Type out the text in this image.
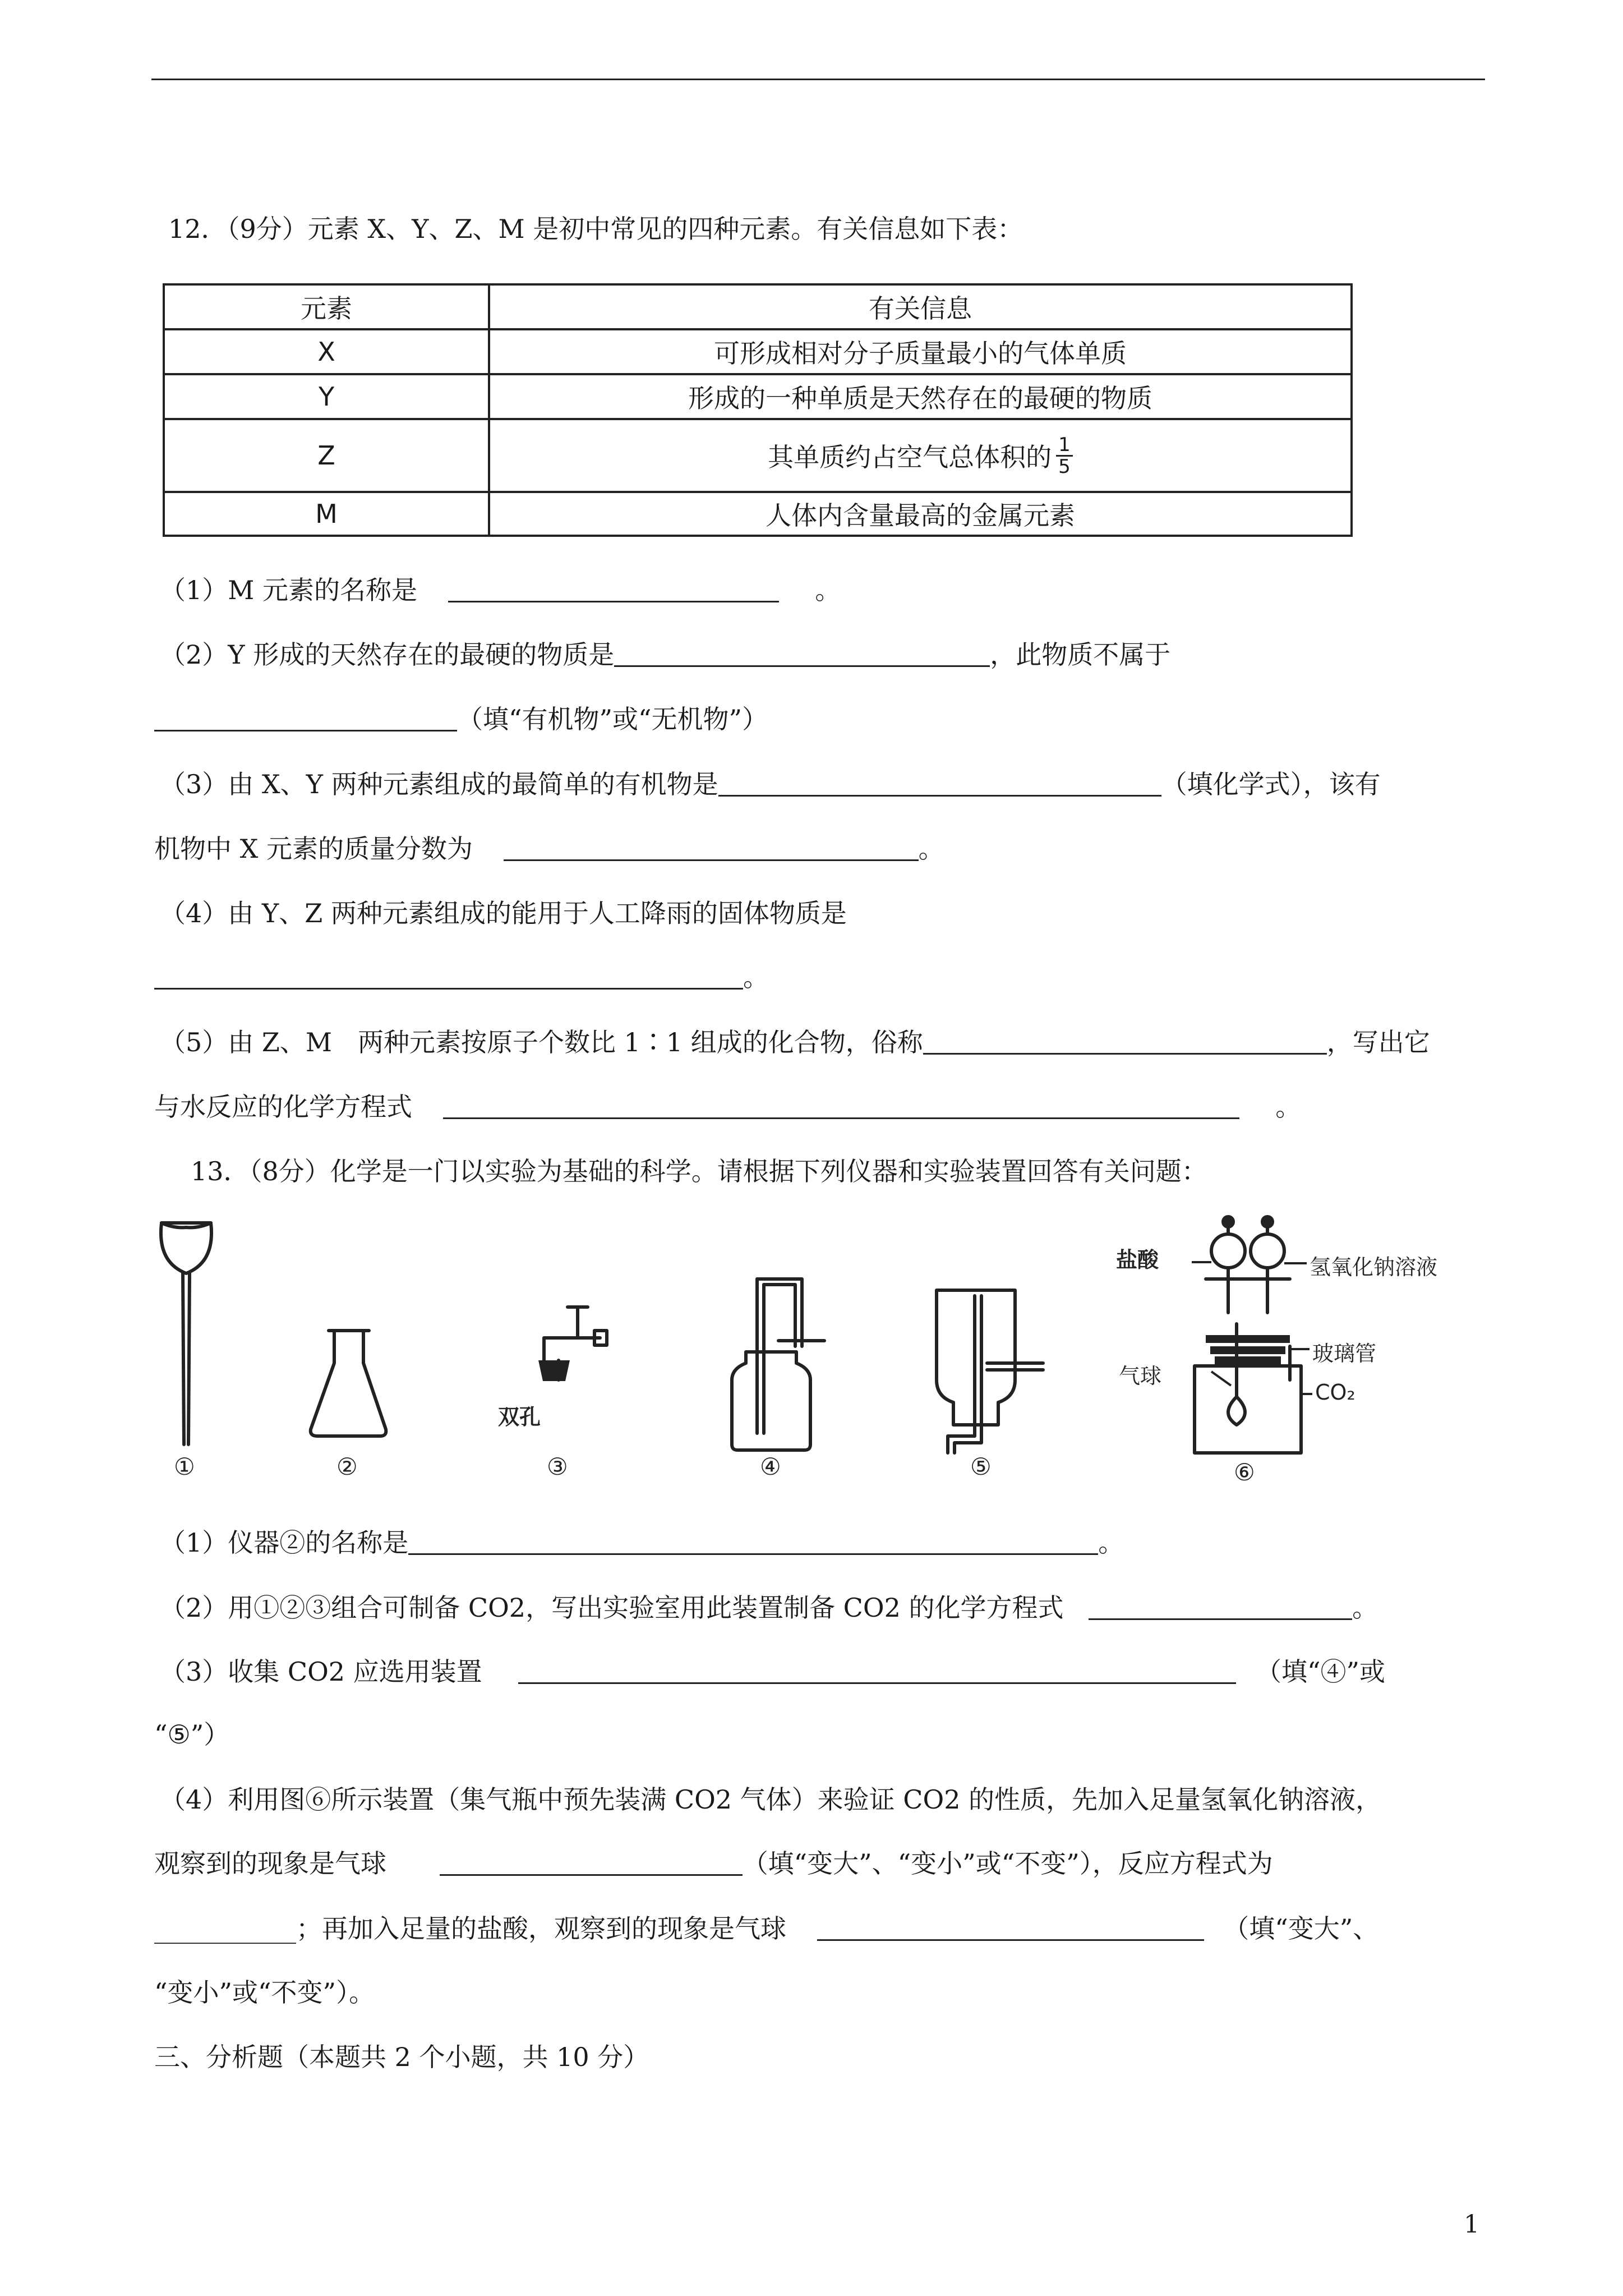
12．（9分）元素 X、Y、Z、M 是初中常见的四种元素。有关信息如下表：
元素	有关信息
X	可形成相对分子质量最小的气体单质
Y	形成的一种单质是天然存在的最硬的物质
Z	其单质约占空气总体积的 $\frac{1}{5}$
M	人体内含量最高的金属元素
（1）M 元素的名称是	。
（2）Y 形成的天然存在的最硬的物质是	，此物质不属于
（填“有机物”或“无机物”）
（3）由 X、Y 两种元素组成的最简单的有机物是	（填化学式），该有
机物中 X 元素的质量分数为	。
（4）由 Y、Z 两种元素组成的能用于人工降雨的固体物质是
。
（5）由 Z、M　两种元素按原子个数比 1∶1 组成的化合物，俗称	，写出它
与水反应的化学方程式	。
13．（8分）化学是一门以实验为基础的科学。请根据下列仪器和实验装置回答有关问题：
双孔
盐酸	氢氧化钠溶液
玻璃管
气球
CO₂
①	②	③	④	⑤	⑥
（1）仪器②的名称是	。
（2）用①②③组合可制备 CO2，写出实验室用此装置制备 CO2 的化学方程式	。
（3）收集 CO2 应选用装置	（填“④”或
“⑤”）
（4）利用图⑥所示装置（集气瓶中预先装满 CO2 气体）来验证 CO2 的性质，先加入足量氢氧化钠溶液，
观察到的现象是气球	（填“变大”、“变小”或“不变”），反应方程式为
___________；再加入足量的盐酸，观察到的现象是气球	（填“变大”、
“变小”或“不变”）。
三、分析题（本题共 2 个小题，共 10 分）
1
